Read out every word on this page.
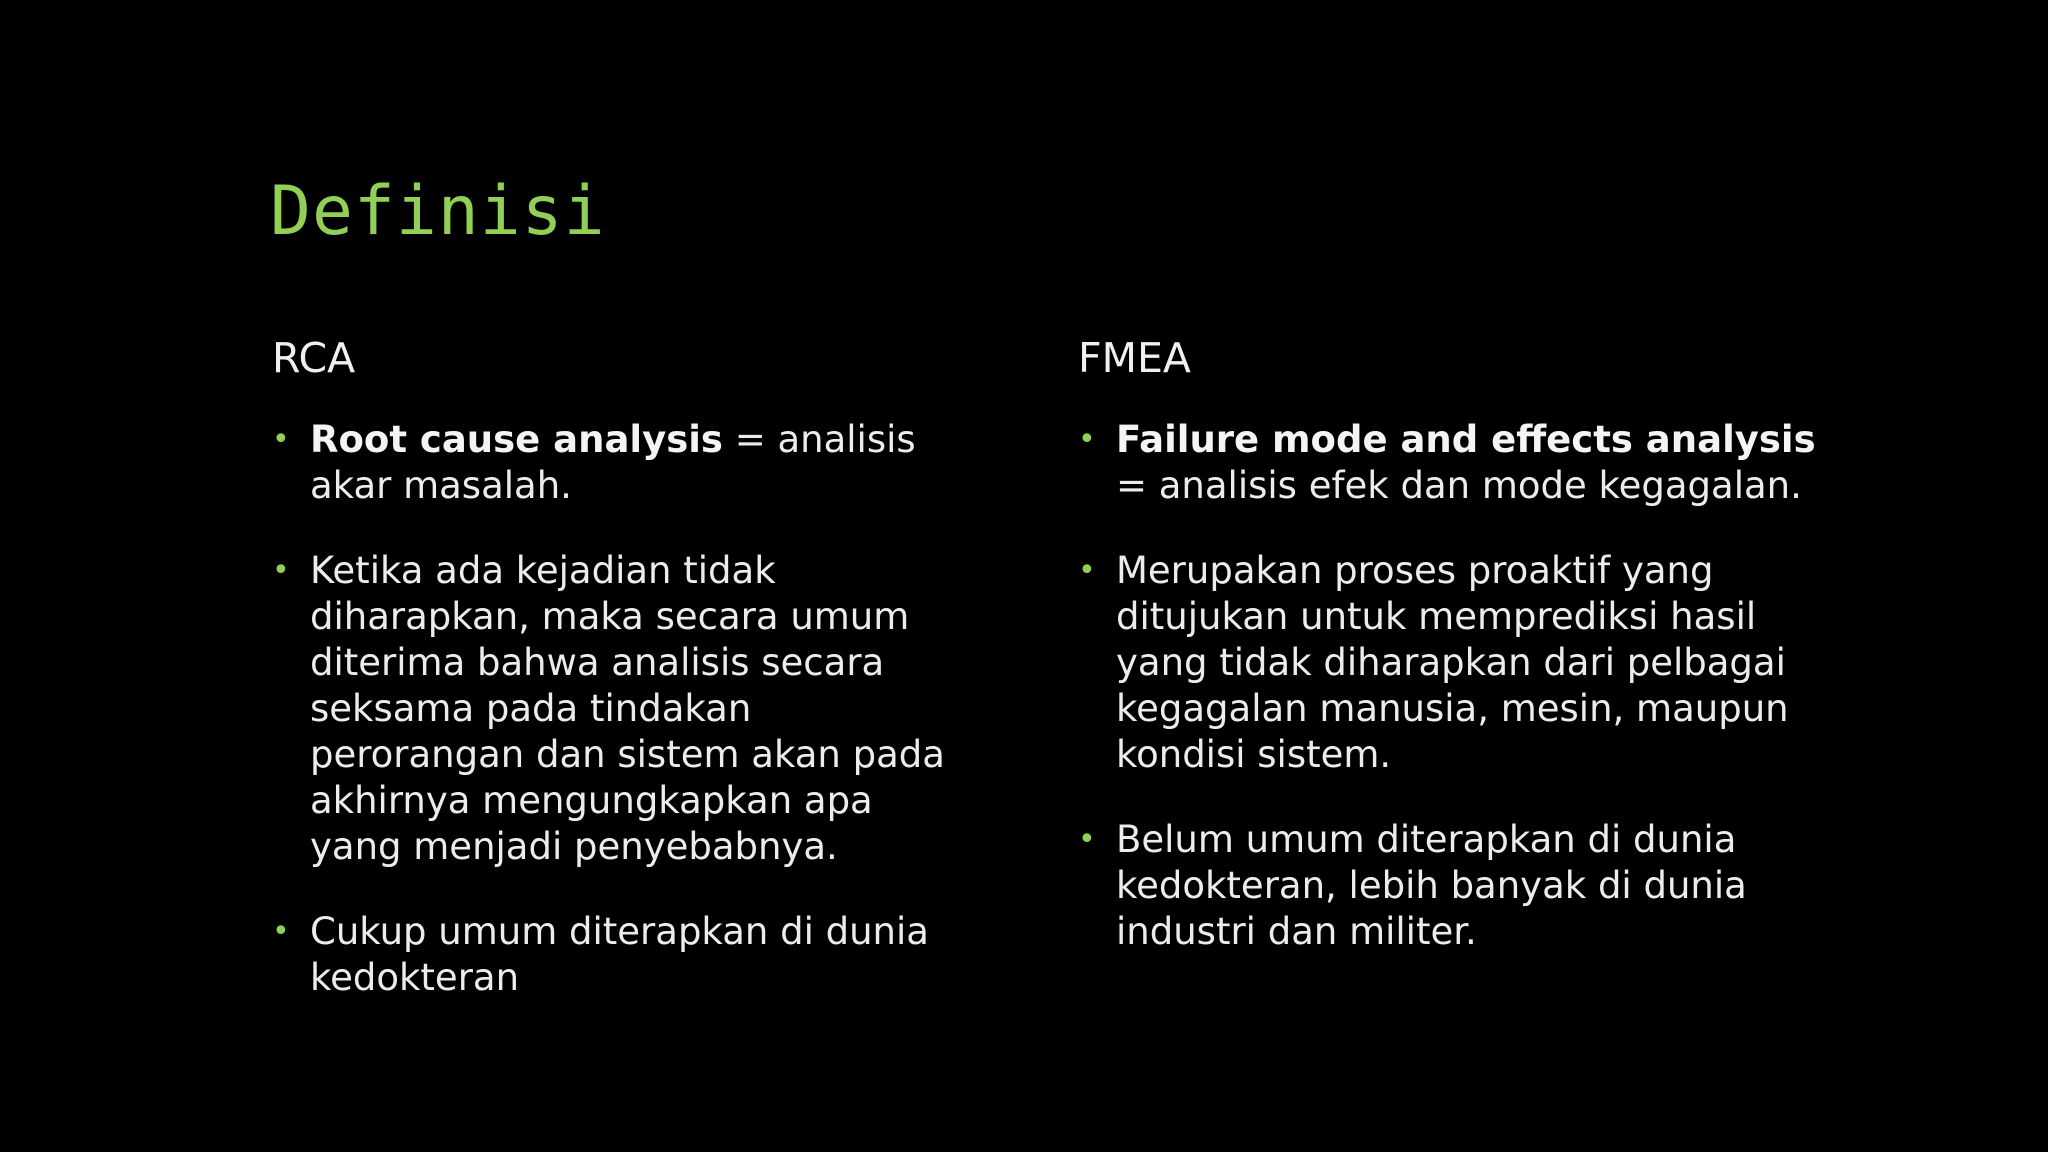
Definisi
RCA
• Root cause analysis = analisis akar masalah.
• Ketika ada kejadian tidak diharapkan, maka secara umum diterima bahwa analisis secara seksama pada tindakan perorangan dan sistem akan pada akhirnya mengungkapkan apa yang menjadi penyebabnya.
• Cukup umum diterapkan di dunia kedokteran
FMEA
• Failure mode and effects analysis = analisis efek dan mode kegagalan.
• Merupakan proses proaktif yang ditujukan untuk memprediksi hasil yang tidak diharapkan dari pelbagai kegagalan manusia, mesin, maupun kondisi sistem.
• Belum umum diterapkan di dunia kedokteran, lebih banyak di dunia industri dan militer.
